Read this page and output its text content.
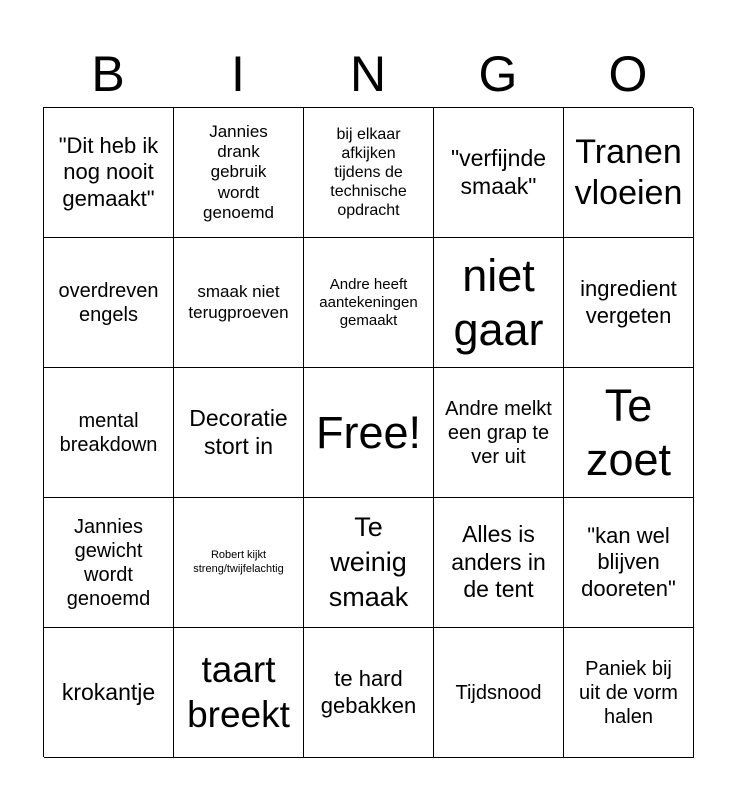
B	I	N	G	O
"Dit heb ik nog nooit gemaakt"
Jannies drank gebruik wordt genoemd
bij elkaar afkijken tijdens de technische opdracht
"verfijnde smaak"
Tranen vloeien
overdreven engels
smaak niet terugproeven
Andre heeft aantekeningen gemaakt
niet gaar
ingredient vergeten
mental breakdown
Decoratie stort in Free! Andre melkt een grap te ver uit
Te zoet
Jannies gewicht wordt genoemd
Robert kijkt streng/twijfelachtig
Te weinig smaak
Alles is anders in de tent
"kan wel blijven dooreten"
krokantje
taart breekt
te hard gebakken	Tijdsnood
Paniek bij uit de vorm halen
